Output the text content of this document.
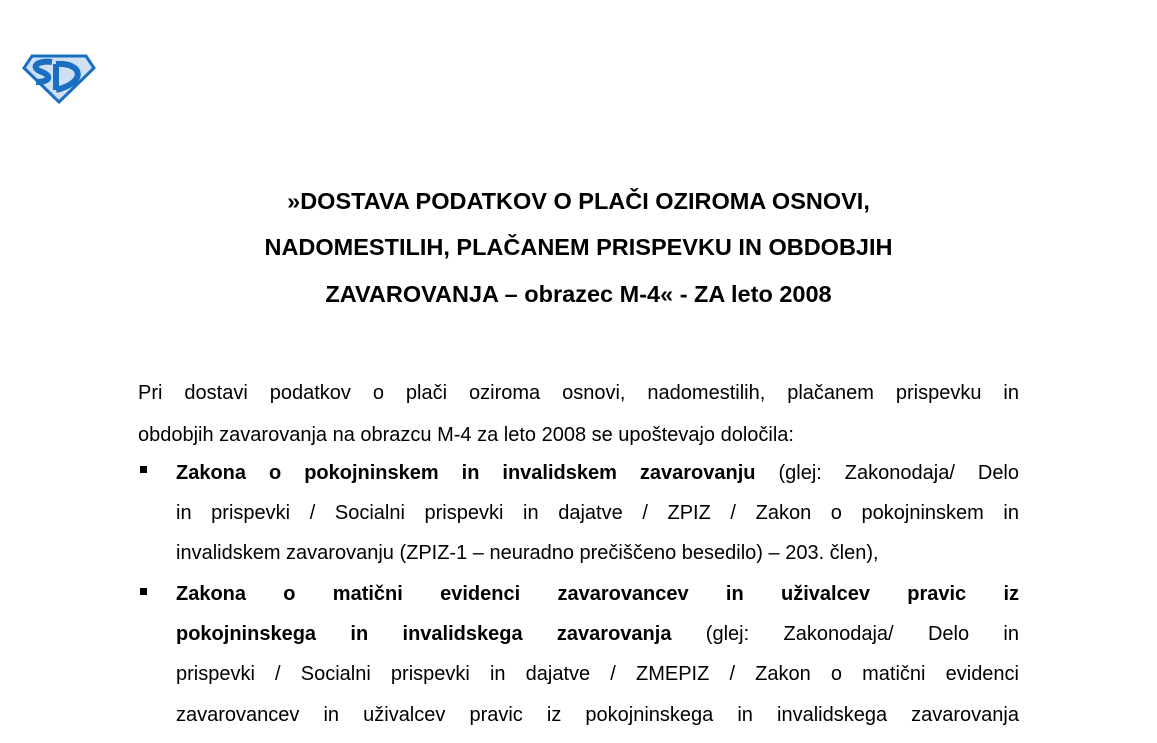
»DOSTAVA PODATKOV O PLAČI OZIROMA OSNOVI,
NADOMESTILIH, PLAČANEM PRISPEVKU IN OBDOBJIH
ZAVAROVANJA – obrazec M-4« - ZA leto 2008
Pri dostavi podatkov o plači oziroma osnovi, nadomestilih, plačanem prispevku in
obdobjih zavarovanja na obrazcu M-4 za leto 2008 se upoštevajo določila:
Zakona o pokojninskem in invalidskem zavarovanju (glej: Zakonodaja/ Delo
in prispevki / Socialni prispevki in dajatve / ZPIZ / Zakon o pokojninskem in
invalidskem zavarovanju (ZPIZ-1 – neuradno prečiščeno besedilo) – 203. člen),
Zakona o matični evidenci zavarovancev in uživalcev pravic iz
pokojninskega in invalidskega zavarovanja (glej: Zakonodaja/ Delo in
prispevki / Socialni prispevki in dajatve / ZMEPIZ / Zakon o matični evidenci
zavarovancev in uživalcev pravic iz pokojninskega in invalidskega zavarovanja
